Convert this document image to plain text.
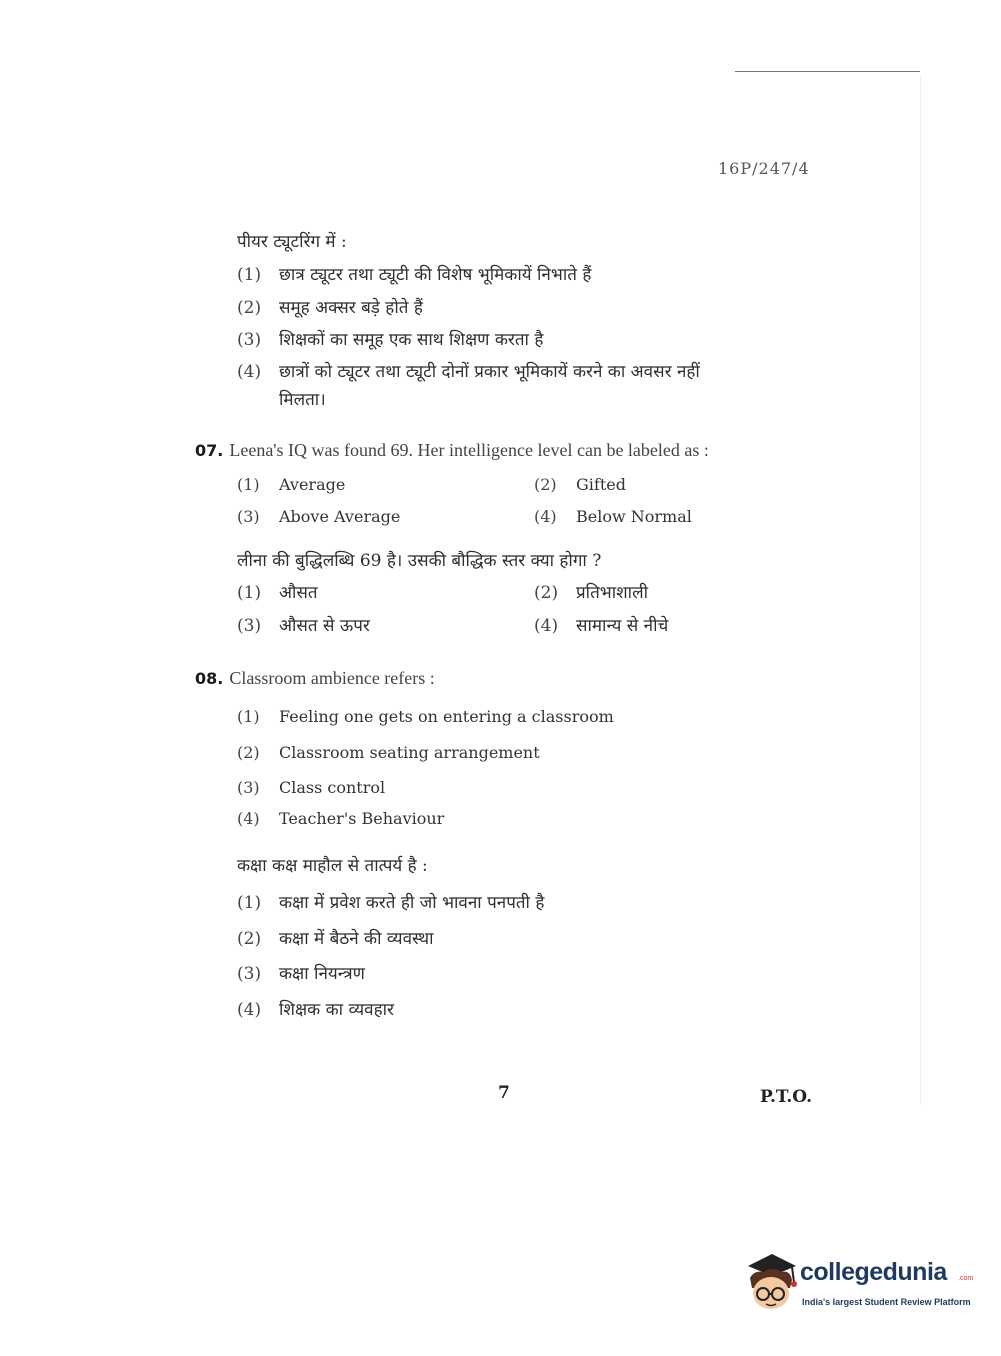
16P/247/4
पीयर ट्यूटरिंग में :
(1) छात्र ट्यूटर तथा ट्यूटी की विशेष भूमिकायें निभाते हैं
(2) समूह अक्सर बड़े होते हैं
(3) शिक्षकों का समूह एक साथ शिक्षण करता है
(4) छात्रों को ट्यूटर तथा ट्यूटी दोनों प्रकार भूमिकायें करने का अवसर नहीं
मिलता।
07. Leena's IQ was found 69. Her intelligence level can be labeled as :
(1) Average	(2) Gifted
(3) Above Average	(4) Below Normal
लीना की बुद्धिलब्धि 69 है। उसकी बौद्धिक स्तर क्या होगा ?
(1) औसत	(2) प्रतिभाशाली
(3) औसत से ऊपर	(4) सामान्य से नीचे
08. Classroom ambience refers :
(1) Feeling one gets on entering a classroom
(2) Classroom seating arrangement
(3) Class control
(4) Teacher's Behaviour
कक्षा कक्ष माहौल से तात्पर्य है :
(1) कक्षा में प्रवेश करते ही जो भावना पनपती है
(2) कक्षा में बैठने की व्यवस्था
(3) कक्षा नियन्त्रण
(4) शिक्षक का व्यवहार
7	P.T.O.
collegedunia .com
India's largest Student Review Platform
